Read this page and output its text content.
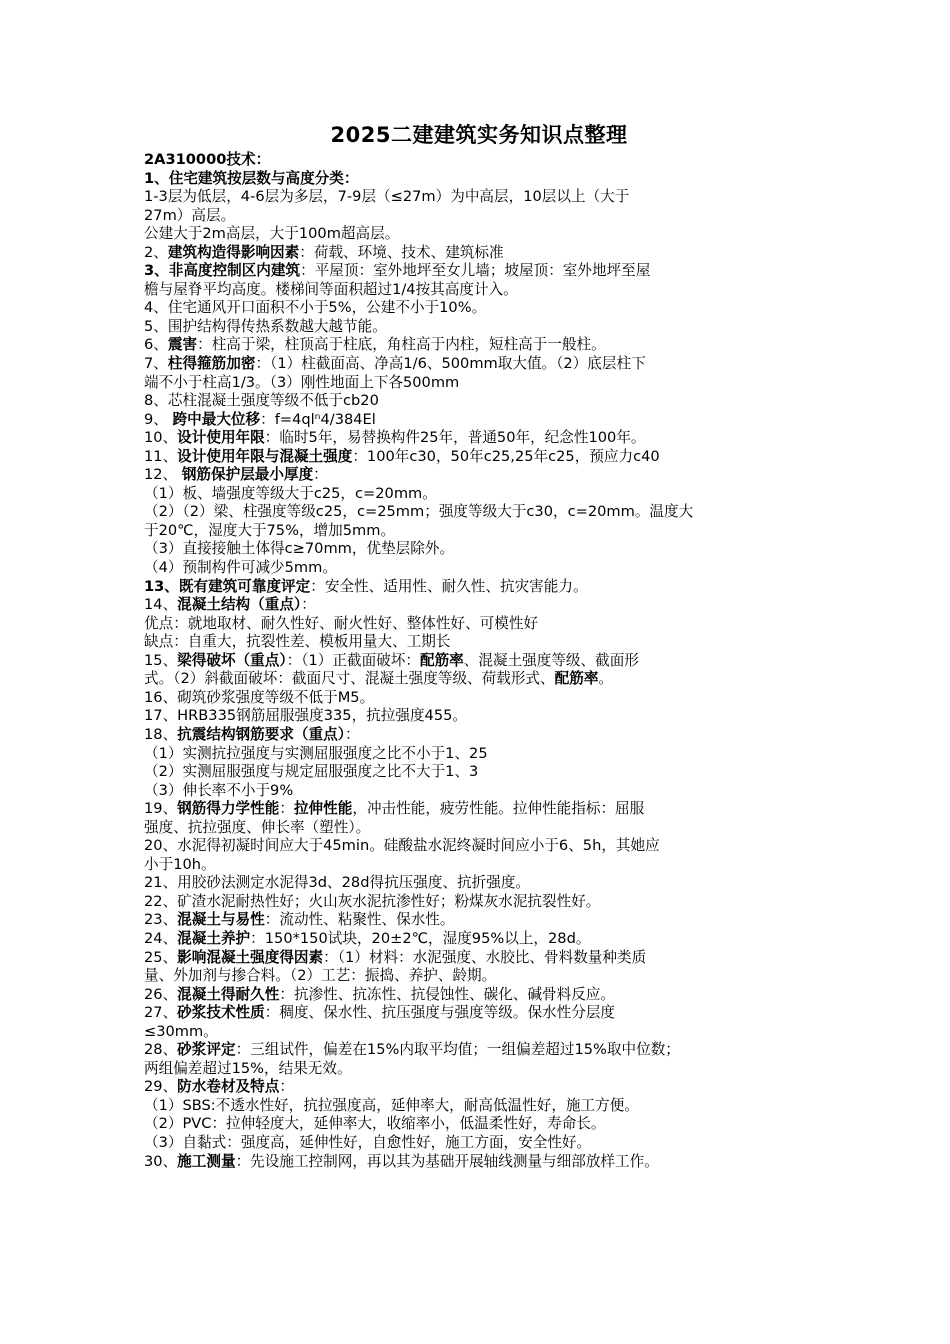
2025二建建筑实务知识点整理
2A310000技术：
1、住宅建筑按层数与高度分类：
1-3层为低层，4-6层为多层，7-9层（≤27m）为中高层，10层以上（大于
27m）高层。
公建大于2m高层，大于100m超高层。
2、建筑构造得影响因素：荷载、环境、技术、建筑标准
3、非高度控制区内建筑：平屋顶：室外地坪至女儿墙；坡屋顶：室外地坪至屋
檐与屋脊平均高度。楼梯间等面积超过1/4按其高度计入。
4、住宅通风开口面积不小于5%，公建不小于10%。
5、围护结构得传热系数越大越节能。
6、震害：柱高于梁，柱顶高于柱底，角柱高于内柱，短柱高于一般柱。
7、柱得箍筋加密：（1）柱截面高、净高1/6、500mm取大值。（2）底层柱下
端不小于柱高1/3。（3）刚性地面上下各500mm
8、芯柱混凝土强度等级不低于cb20
9、 跨中最大位移：f=4qlⁿ4/384El
10、设计使用年限：临时5年，易替换构件25年，普通50年，纪念性100年。
11、设计使用年限与混凝土强度：100年c30，50年c25,25年c25，预应力c40
12、 钢筋保护层最小厚度：
（1）板、墙强度等级大于c25，c=20mm。
（2）（2）梁、柱强度等级c25，c=25mm；强度等级大于c30，c=20mm。温度大
于20℃，湿度大于75%，增加5mm。
（3）直接接触土体得c≥70mm，优垫层除外。
（4）预制构件可减少5mm。
13、既有建筑可靠度评定：安全性、适用性、耐久性、抗灾害能力。
14、混凝土结构（重点）：
优点：就地取材、耐久性好、耐火性好、整体性好、可模性好
缺点：自重大，抗裂性差、模板用量大、工期长
15、梁得破坏（重点）：（1）正截面破坏：配筋率、混凝土强度等级、截面形
式。（2）斜截面破坏：截面尺寸、混凝土强度等级、荷载形式、配筋率。
16、砌筑砂浆强度等级不低于M5。
17、HRB335钢筋屈服强度335，抗拉强度455。
18、抗震结构钢筋要求（重点）：
（1）实测抗拉强度与实测屈服强度之比不小于1、25
（2）实测屈服强度与规定屈服强度之比不大于1、3
（3）伸长率不小于9%
19、钢筋得力学性能：拉伸性能，冲击性能，疲劳性能。拉伸性能指标：屈服
强度、抗拉强度、伸长率（塑性）。
20、水泥得初凝时间应大于45min。硅酸盐水泥终凝时间应小于6、5h，其她应
小于10h。
21、用胶砂法测定水泥得3d、28d得抗压强度、抗折强度。
22、矿渣水泥耐热性好；火山灰水泥抗渗性好；粉煤灰水泥抗裂性好。
23、混凝土与易性：流动性、粘聚性、保水性。
24、混凝土养护：150*150试块，20±2℃，湿度95%以上，28d。
25、影响混凝土强度得因素：（1）材料：水泥强度、水胶比、骨料数量种类质
量、外加剂与掺合料。（2）工艺：振捣、养护、龄期。
26、混凝土得耐久性：抗渗性、抗冻性、抗侵蚀性、碳化、碱骨料反应。
27、砂浆技术性质：稠度、保水性、抗压强度与强度等级。保水性分层度
≤30mm。
28、砂浆评定：三组试件，偏差在15%内取平均值；一组偏差超过15%取中位数；
两组偏差超过15%，结果无效。
29、防水卷材及特点：
（1）SBS:不透水性好，抗拉强度高，延伸率大，耐高低温性好，施工方便。
（2）PVC：拉伸轻度大，延伸率大，收缩率小，低温柔性好，寿命长。
（3）自黏式：强度高，延伸性好，自愈性好，施工方面，安全性好。
30、施工测量：先设施工控制网，再以其为基础开展轴线测量与细部放样工作。
